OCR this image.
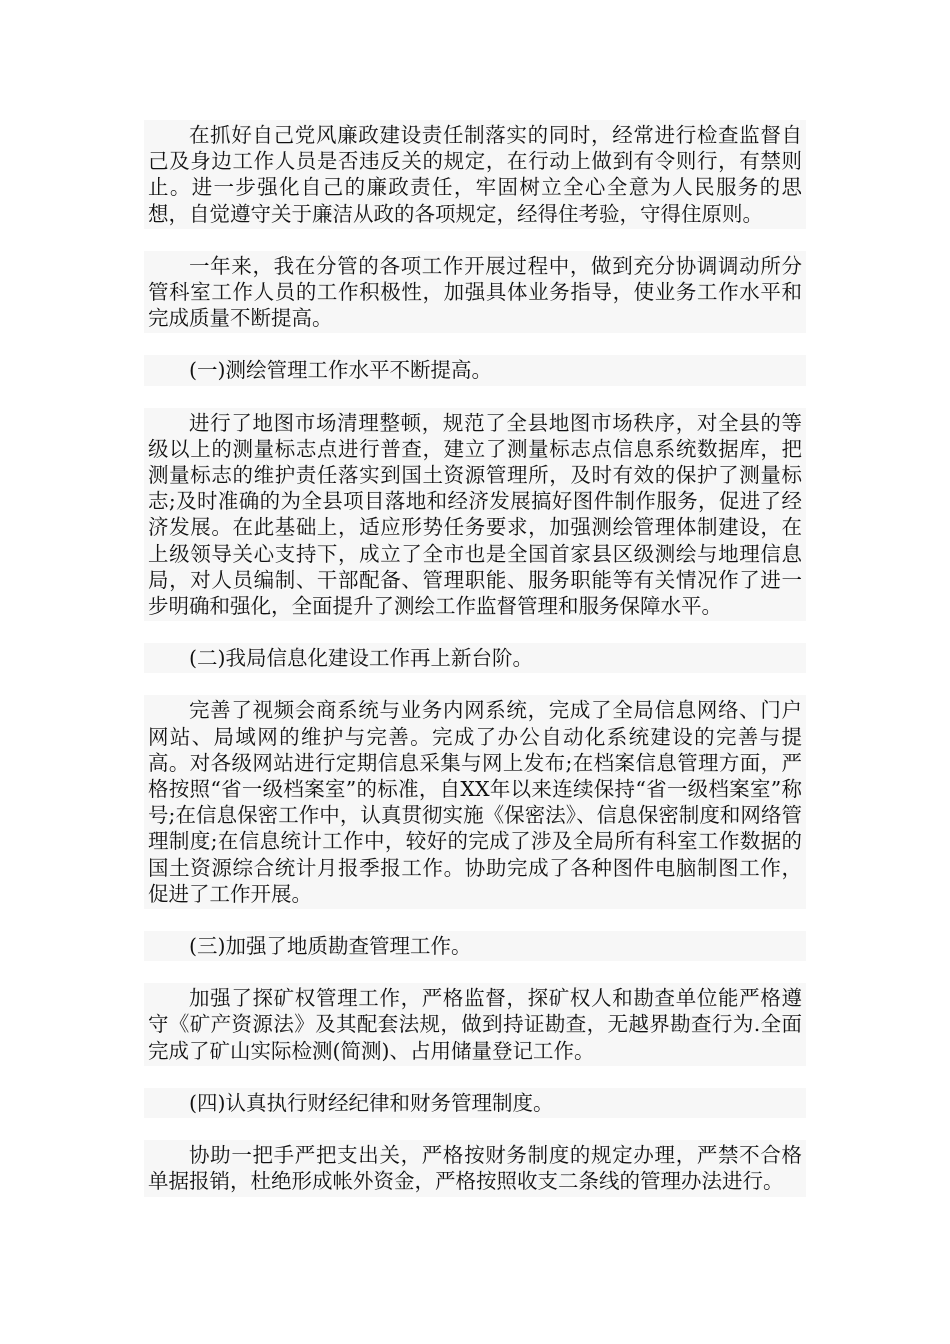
在抓好自己党风廉政建设责任制落实的同时，经常进行检查监督自己及身边工作人员是否违反关的规定，在行动上做到有令则行，有禁则止。进一步强化自己的廉政责任，牢固树立全心全意为人民服务的思想，自觉遵守关于廉洁从政的各项规定，经得住考验，守得住原则。

一年来，我在分管的各项工作开展过程中，做到充分协调调动所分管科室工作人员的工作积极性，加强具体业务指导，使业务工作水平和完成质量不断提高。

(一)测绘管理工作水平不断提高。

进行了地图市场清理整顿，规范了全县地图市场秩序，对全县的等级以上的测量标志点进行普查，建立了测量标志点信息系统数据库，把测量标志的维护责任落实到国土资源管理所，及时有效的保护了测量标志;及时准确的为全县项目落地和经济发展搞好图件制作服务，促进了经济发展。在此基础上，适应形势任务要求，加强测绘管理体制建设，在上级领导关心支持下，成立了全市也是全国首家县区级测绘与地理信息局，对人员编制、干部配备、管理职能、服务职能等有关情况作了进一步明确和强化，全面提升了测绘工作监督管理和服务保障水平。

(二)我局信息化建设工作再上新台阶。

完善了视频会商系统与业务内网系统，完成了全局信息网络、门户网站、局域网的维护与完善。完成了办公自动化系统建设的完善与提高。对各级网站进行定期信息采集与网上发布;在档案信息管理方面，严格按照“省一级档案室”的标准，自XX年以来连续保持“省一级档案室”称号;在信息保密工作中，认真贯彻实施《保密法》、信息保密制度和网络管理制度;在信息统计工作中，较好的完成了涉及全局所有科室工作数据的国土资源综合统计月报季报工作。协助完成了各种图件电脑制图工作，促进了工作开展。

(三)加强了地质勘查管理工作。

加强了探矿权管理工作，严格监督，探矿权人和勘查单位能严格遵守《矿产资源法》及其配套法规，做到持证勘查，无越界勘查行为.全面完成了矿山实际检测(简测)、占用储量登记工作。

(四)认真执行财经纪律和财务管理制度。

协助一把手严把支出关，严格按财务制度的规定办理，严禁不合格单据报销，杜绝形成帐外资金，严格按照收支二条线的管理办法进行。
